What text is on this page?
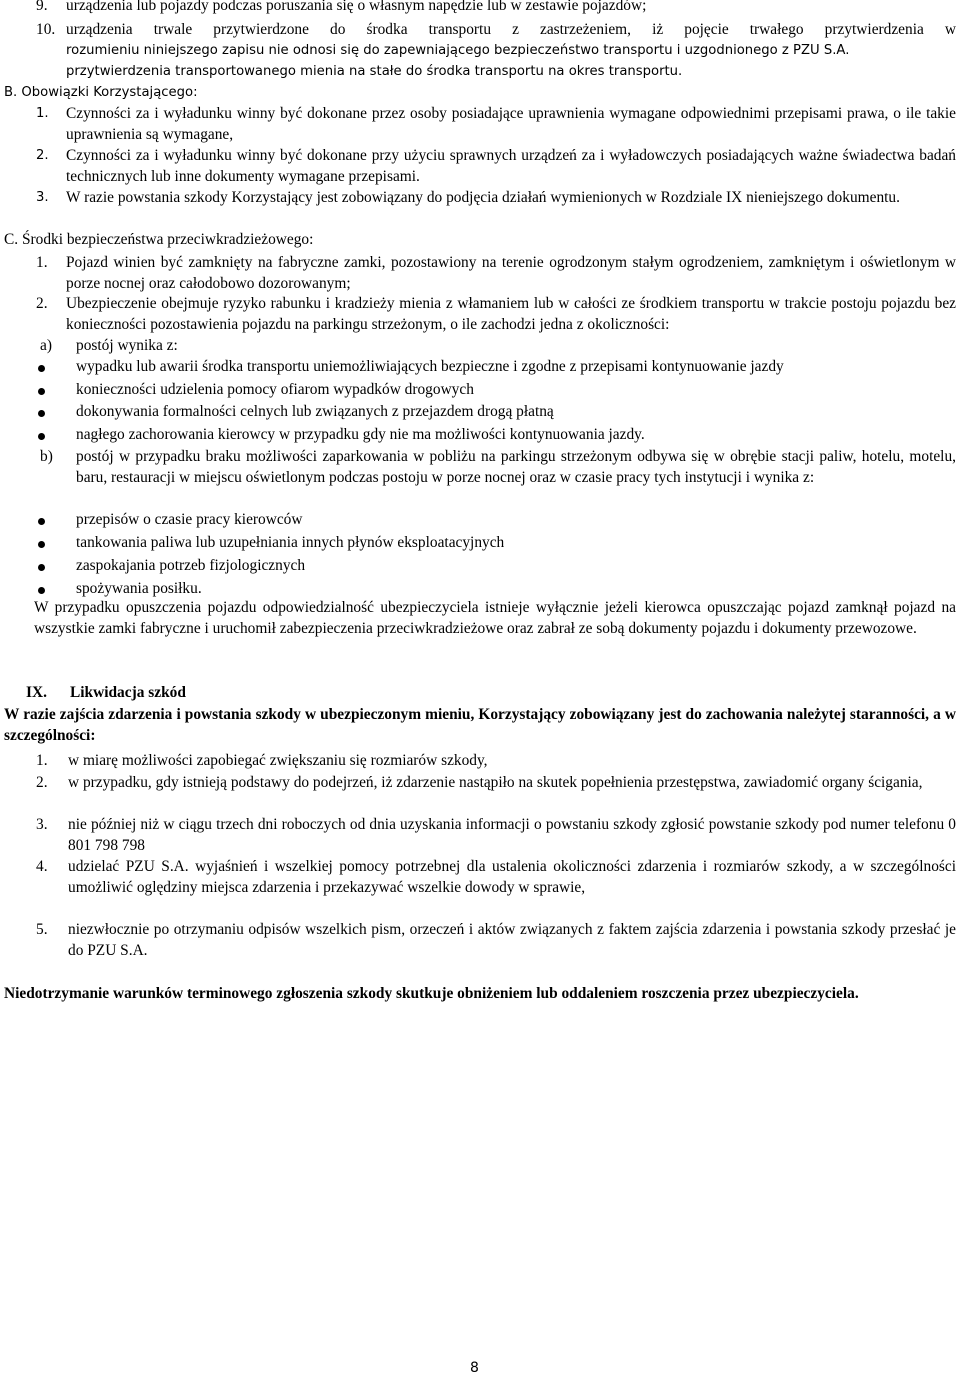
9. urządzenia lub pojazdy podczas poruszania się o własnym napędzie lub w zestawie pojazdów;
10. urządzenia trwale przytwierdzone do środka transportu z zastrzeżeniem, iż pojęcie trwałego przytwierdzenia w
rozumieniu niniejszego zapisu nie odnosi się do zapewniającego bezpieczeństwo transportu i uzgodnionego z PZU S.A.
przytwierdzenia transportowanego mienia na stałe do środka transportu na okres transportu.
B. Obowiązki Korzystającego:
1. Czynności za i wyładunku winny być dokonane przez osoby posiadające uprawnienia wymagane odpowiednimi przepisami prawa, o ile takie uprawnienia są wymagane,
2. Czynności za i wyładunku winny być dokonane przy użyciu sprawnych urządzeń za i wyładowczych posiadających ważne świadectwa badań technicznych lub inne dokumenty wymagane przepisami.
3. W razie powstania szkody Korzystający jest zobowiązany do podjęcia działań wymienionych w Rozdziale IX nieniejszego dokumentu.
C. Środki bezpieczeństwa przeciwkradzieżowego:
1. Pojazd winien być zamknięty na fabryczne zamki, pozostawiony na terenie ogrodzonym stałym ogrodzeniem, zamkniętym i oświetlonym w porze nocnej oraz całodobowo dozorowanym;
2. Ubezpieczenie obejmuje ryzyko rabunku i kradzieży mienia z włamaniem lub w całości ze środkiem transportu w trakcie postoju pojazdu bez konieczności pozostawienia pojazdu na parkingu strzeżonym, o ile zachodzi jedna z okoliczności:
a) postój wynika z:
wypadku lub awarii środka transportu uniemożliwiających bezpieczne i zgodne z przepisami kontynuowanie jazdy
konieczności udzielenia pomocy ofiarom wypadków drogowych
dokonywania formalności celnych lub związanych z przejazdem drogą płatną
nagłego zachorowania kierowcy w przypadku gdy nie ma możliwości kontynuowania jazdy.
b) postój w przypadku braku możliwości zaparkowania w pobliżu na parkingu strzeżonym odbywa się w obrębie stacji paliw, hotelu, motelu, baru, restauracji w miejscu oświetlonym podczas postoju w porze nocnej oraz w czasie pracy tych instytucji i wynika z:
przepisów o czasie pracy kierowców
tankowania paliwa lub uzupełniania innych płynów eksploatacyjnych
zaspokajania potrzeb fizjologicznych
spożywania posiłku.
W przypadku opuszczenia pojazdu odpowiedzialność ubezpieczyciela istnieje wyłącznie jeżeli kierowca opuszczając pojazd zamknął pojazd na wszystkie zamki fabryczne i uruchomił zabezpieczenia przeciwkradzieżowe oraz zabrał ze sobą dokumenty pojazdu i dokumenty przewozowe.
IX. Likwidacja szkód
W razie zajścia zdarzenia i powstania szkody w ubezpieczonym mieniu, Korzystający zobowiązany jest do zachowania należytej staranności, a w szczególności:
1. w miarę możliwości zapobiegać zwiększaniu się rozmiarów szkody,
2. w przypadku, gdy istnieją podstawy do podejrzeń, iż zdarzenie nastąpiło na skutek popełnienia przestępstwa, zawiadomić organy ścigania,
3. nie później niż w ciągu trzech dni roboczych od dnia uzyskania informacji o powstaniu szkody zgłosić powstanie szkody pod numer telefonu 0 801 798 798
4. udzielać PZU S.A. wyjaśnień i wszelkiej pomocy potrzebnej dla ustalenia okoliczności zdarzenia i rozmiarów szkody, a w szczególności umożliwić oględziny miejsca zdarzenia i przekazywać wszelkie dowody w sprawie,
5. niezwłocznie po otrzymaniu odpisów wszelkich pism, orzeczeń i aktów związanych z faktem zajścia zdarzenia i powstania szkody przesłać je do PZU S.A.
Niedotrzymanie warunków terminowego zgłoszenia szkody skutkuje obniżeniem lub oddaleniem roszczenia przez ubezpieczyciela.
8
